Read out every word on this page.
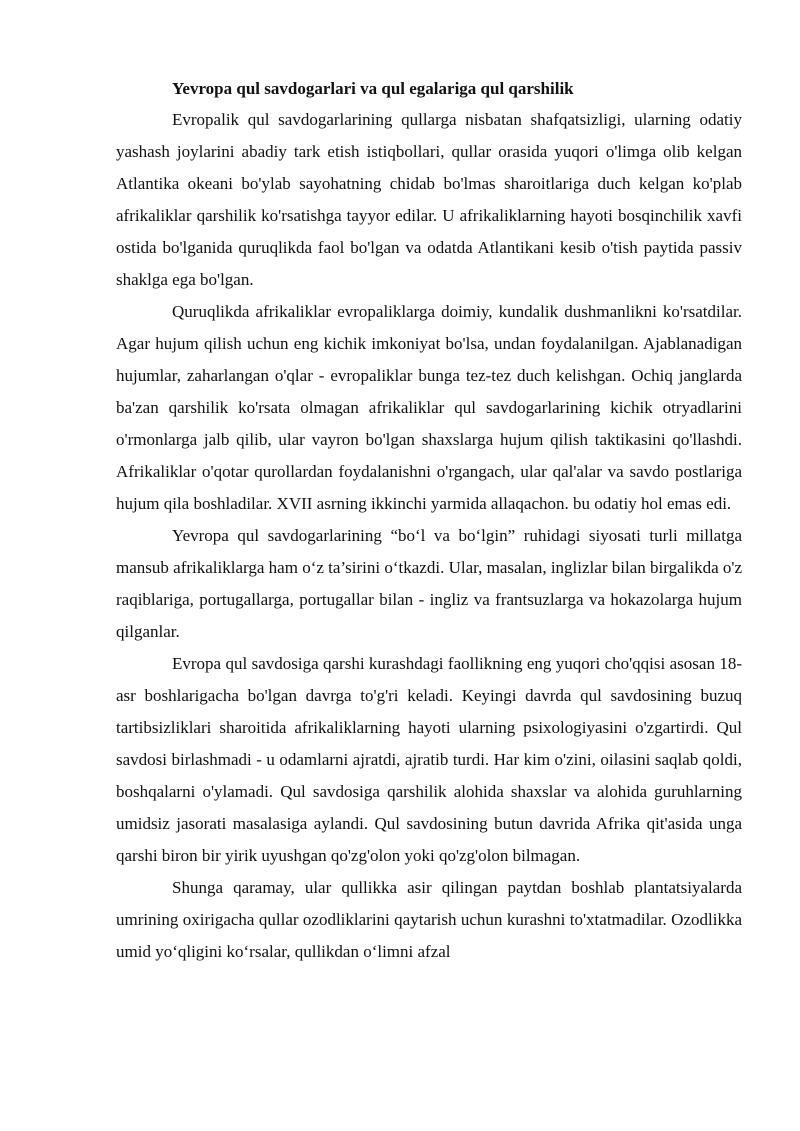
Yevropa qul savdogarlari va qul egalariga qul qarshilik

Evropalik qul savdogarlarining qullarga nisbatan shafqatsizligi, ularning odatiy yashash joylarini abadiy tark etish istiqbollari, qullar orasida yuqori o'limga olib kelgan Atlantika okeani bo'ylab sayohatning chidab bo'lmas sharoitlariga duch kelgan ko'plab afrikaliklar qarshilik ko'rsatishga tayyor edilar. U afrikaliklarning hayoti bosqinchilik xavfi ostida bo'lganida quruqlikda faol bo'lgan va odatda Atlantikani kesib o'tish paytida passiv shaklga ega bo'lgan.

Quruqlikda afrikaliklar evropaliklarga doimiy, kundalik dushmanlikni ko'rsatdilar. Agar hujum qilish uchun eng kichik imkoniyat bo'lsa, undan foydalanilgan. Ajablanadigan hujumlar, zaharlangan o'qlar - evropaliklar bunga tez-tez duch kelishgan. Ochiq janglarda ba'zan qarshilik ko'rsata olmagan afrikaliklar qul savdogarlarining kichik otryadlarini o'rmonlarga jalb qilib, ular vayron bo'lgan shaxslarga hujum qilish taktikasini qo'llashdi. Afrikaliklar o'qotar qurollardan foydalanishni o'rgangach, ular qal'alar va savdo postlariga hujum qila boshladilar. XVII asrning ikkinchi yarmida allaqachon. bu odatiy hol emas edi.

Yevropa qul savdogarlarining “bo‘l va bo‘lgin” ruhidagi siyosati turli millatga mansub afrikaliklarga ham o‘z ta’sirini o‘tkazdi. Ular, masalan, inglizlar bilan birgalikda o'z raqiblariga, portugallarga, portugallar bilan - ingliz va frantsuzlarga va hokazolarga hujum qilganlar.

Evropa qul savdosiga qarshi kurashdagi faollikning eng yuqori cho'qqisi asosan 18-asr boshlarigacha bo'lgan davrga to'g'ri keladi. Keyingi davrda qul savdosining buzuq tartibsizliklari sharoitida afrikaliklarning hayoti ularning psixologiyasini o'zgartirdi. Qul savdosi birlashmadi - u odamlarni ajratdi, ajratib turdi. Har kim o'zini, oilasini saqlab qoldi, boshqalarni o'ylamadi. Qul savdosiga qarshilik alohida shaxslar va alohida guruhlarning umidsiz jasorati masalasiga aylandi. Qul savdosining butun davrida Afrika qit'asida unga qarshi biron bir yirik uyushgan qo'zg'olon yoki qo'zg'olon bilmagan.

Shunga qaramay, ular qullikka asir qilingan paytdan boshlab plantatsiyalarda umrining oxirigacha qullar ozodliklarini qaytarish uchun kurashni to'xtatmadilar. Ozodlikka umid yo‘qligini ko‘rsalar, qullikdan o‘limni afzal
